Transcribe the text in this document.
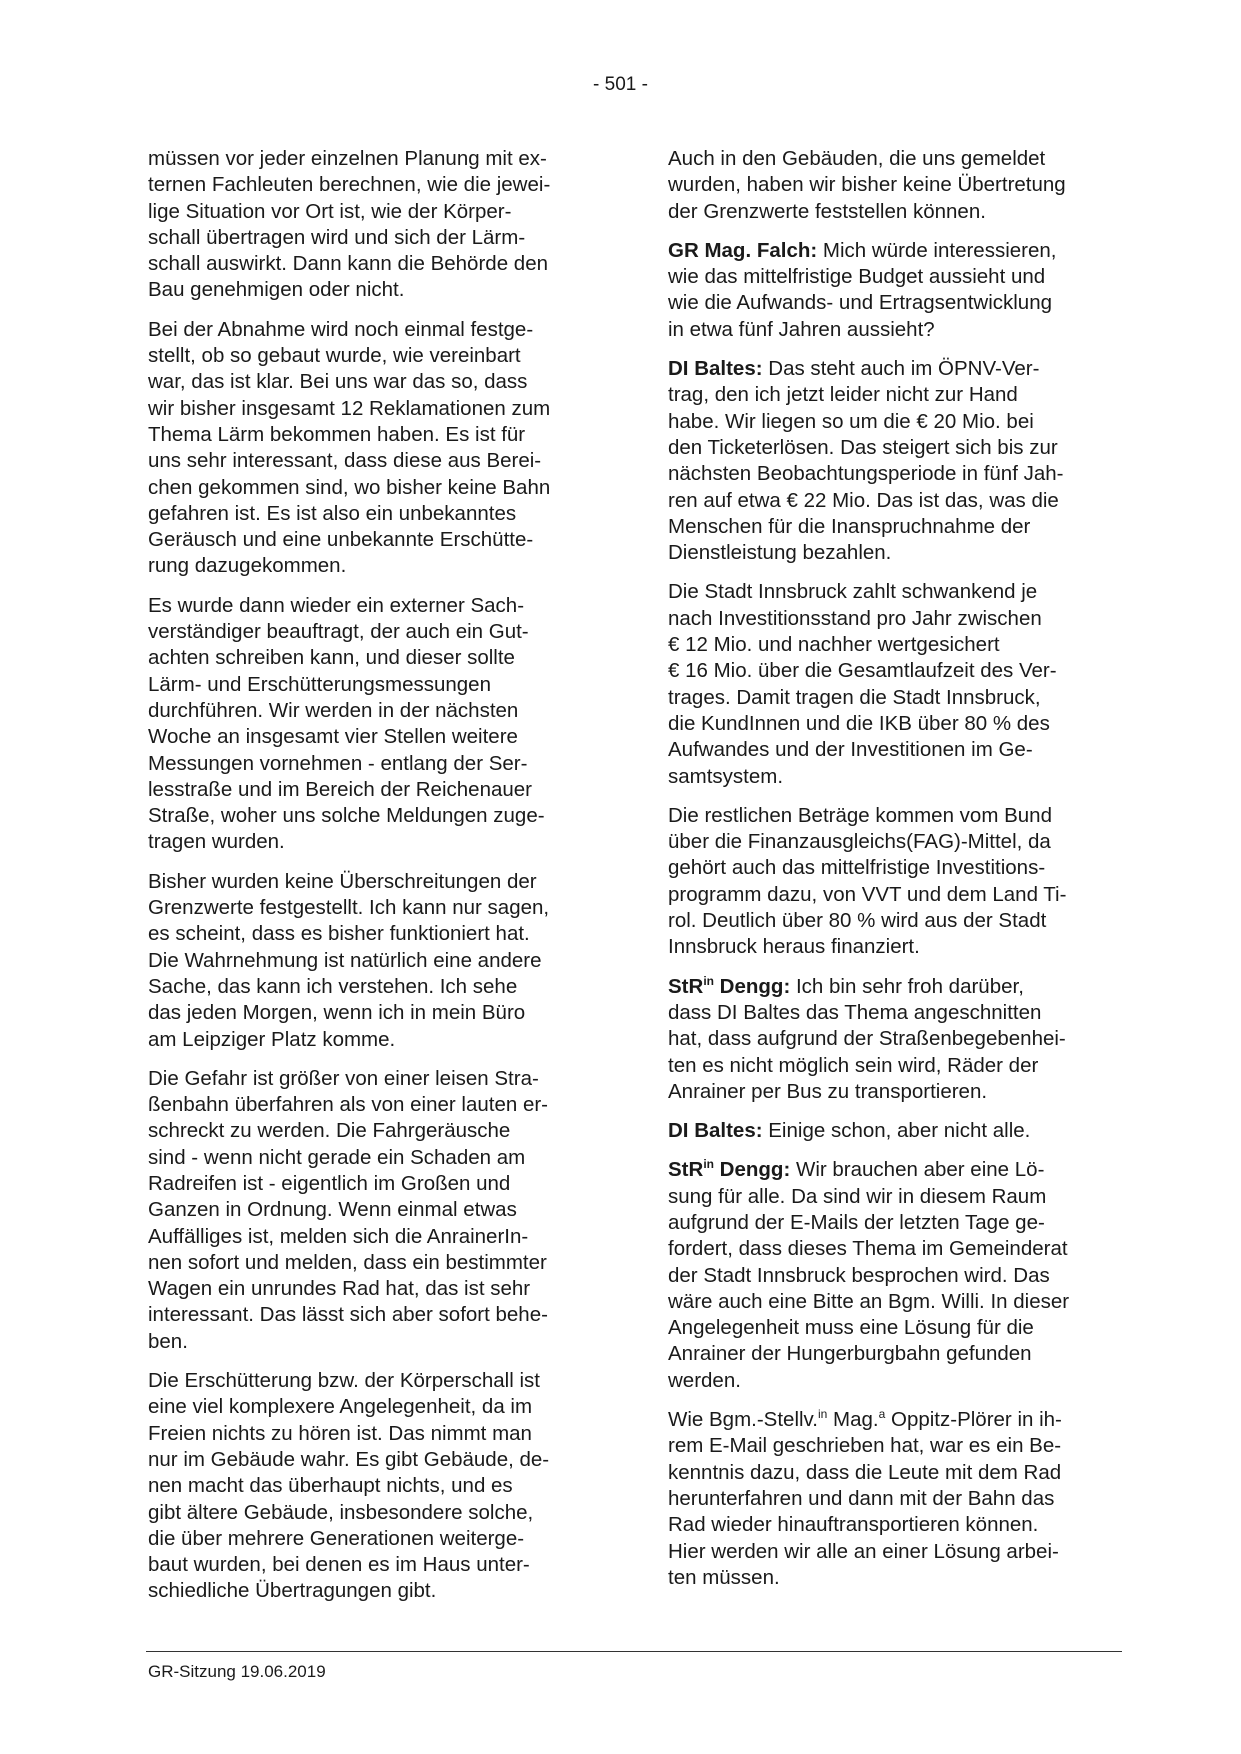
- 501 -

müssen vor jeder einzelnen Planung mit ex-
ternen Fachleuten berechnen, wie die jewei-
lige Situation vor Ort ist, wie der Körper-
schall übertragen wird und sich der Lärm-
schall auswirkt. Dann kann die Behörde den
Bau genehmigen oder nicht.

Bei der Abnahme wird noch einmal festge-
stellt, ob so gebaut wurde, wie vereinbart
war, das ist klar. Bei uns war das so, dass
wir bisher insgesamt 12 Reklamationen zum
Thema Lärm bekommen haben. Es ist für
uns sehr interessant, dass diese aus Berei-
chen gekommen sind, wo bisher keine Bahn
gefahren ist. Es ist also ein unbekanntes
Geräusch und eine unbekannte Erschütte-
rung dazugekommen.

Es wurde dann wieder ein externer Sach-
verständiger beauftragt, der auch ein Gut-
achten schreiben kann, und dieser sollte
Lärm- und Erschütterungsmessungen
durchführen. Wir werden in der nächsten
Woche an insgesamt vier Stellen weitere
Messungen vornehmen - entlang der Ser-
lesstraße und im Bereich der Reichenauer
Straße, woher uns solche Meldungen zuge-
tragen wurden.

Bisher wurden keine Überschreitungen der
Grenzwerte festgestellt. Ich kann nur sagen,
es scheint, dass es bisher funktioniert hat.
Die Wahrnehmung ist natürlich eine andere
Sache, das kann ich verstehen. Ich sehe
das jeden Morgen, wenn ich in mein Büro
am Leipziger Platz komme.

Die Gefahr ist größer von einer leisen Stra-
ßenbahn überfahren als von einer lauten er-
schreckt zu werden. Die Fahrgeräusche
sind - wenn nicht gerade ein Schaden am
Radreifen ist - eigentlich im Großen und
Ganzen in Ordnung. Wenn einmal etwas
Auffälliges ist, melden sich die AnrainerIn-
nen sofort und melden, dass ein bestimmter
Wagen ein unrundes Rad hat, das ist sehr
interessant. Das lässt sich aber sofort behe-
ben.

Die Erschütterung bzw. der Körperschall ist
eine viel komplexere Angelegenheit, da im
Freien nichts zu hören ist. Das nimmt man
nur im Gebäude wahr. Es gibt Gebäude, de-
nen macht das überhaupt nichts, und es
gibt ältere Gebäude, insbesondere solche,
die über mehrere Generationen weiterge-
baut wurden, bei denen es im Haus unter-
schiedliche Übertragungen gibt.

Auch in den Gebäuden, die uns gemeldet
wurden, haben wir bisher keine Übertretung
der Grenzwerte feststellen können.

GR Mag. Falch: Mich würde interessieren,
wie das mittelfristige Budget aussieht und
wie die Aufwands- und Ertragsentwicklung
in etwa fünf Jahren aussieht?

DI Baltes: Das steht auch im ÖPNV-Ver-
trag, den ich jetzt leider nicht zur Hand
habe. Wir liegen so um die € 20 Mio. bei
den Ticketerlösen. Das steigert sich bis zur
nächsten Beobachtungsperiode in fünf Jah-
ren auf etwa € 22 Mio. Das ist das, was die
Menschen für die Inanspruchnahme der
Dienstleistung bezahlen.

Die Stadt Innsbruck zahlt schwankend je
nach Investitionsstand pro Jahr zwischen
€ 12 Mio. und nachher wertgesichert
€ 16 Mio. über die Gesamtlaufzeit des Ver-
trages. Damit tragen die Stadt Innsbruck,
die KundInnen und die IKB über 80 % des
Aufwandes und der Investitionen im Ge-
samtsystem.

Die restlichen Beträge kommen vom Bund
über die Finanzausgleichs(FAG)-Mittel, da
gehört auch das mittelfristige Investitions-
programm dazu, von VVT und dem Land Ti-
rol. Deutlich über 80 % wird aus der Stadt
Innsbruck heraus finanziert.

StR$^{in}$ Dengg: Ich bin sehr froh darüber,
dass DI Baltes das Thema angeschnitten
hat, dass aufgrund der Straßenbegebenhei-
ten es nicht möglich sein wird, Räder der
Anrainer per Bus zu transportieren.

DI Baltes: Einige schon, aber nicht alle.

StR$^{in}$ Dengg: Wir brauchen aber eine Lö-
sung für alle. Da sind wir in diesem Raum
aufgrund der E-Mails der letzten Tage ge-
fordert, dass dieses Thema im Gemeinderat
der Stadt Innsbruck besprochen wird. Das
wäre auch eine Bitte an Bgm. Willi. In dieser
Angelegenheit muss eine Lösung für die
Anrainer der Hungerburgbahn gefunden
werden.

Wie Bgm.-Stellv.$^{in}$ Mag.$^a$ Oppitz-Plörer in ih-
rem E-Mail geschrieben hat, war es ein Be-
kenntnis dazu, dass die Leute mit dem Rad
herunterfahren und dann mit der Bahn das
Rad wieder hinauftransportieren können.
Hier werden wir alle an einer Lösung arbei-
ten müssen.

GR-Sitzung 19.06.2019
